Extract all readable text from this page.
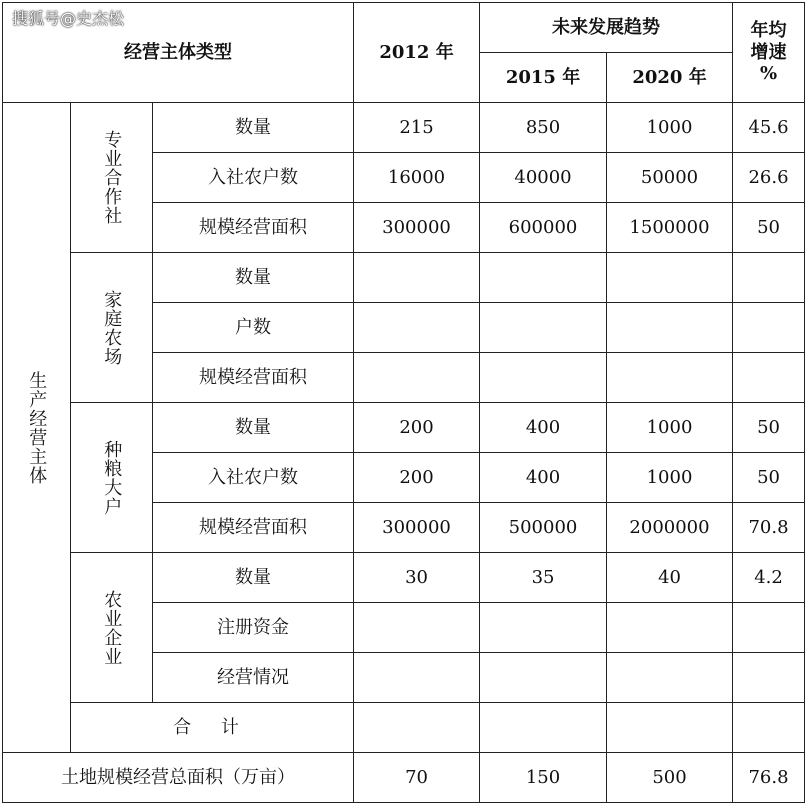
搜狐号@史杰松
经营主体类型			2012 年	未来发展趋势		年均
增速
%
				2015 年	2020 年	

生产经营主体	专业合作社	数量	215	850	1000	45.6
		入社农户数	16000	40000	50000	26.6
		规模经营面积	300000	600000	1500000	50

	家庭农场	数量				
		户数				
		规模经营面积				

	种粮大户	数量	200	400	1000	50
		入社农户数	200	400	1000	50
		规模经营面积	300000	500000	2000000	70.8

	农业企业	数量	30	35	40	4.2
		注册资金				
		经营情况				
	合 计					
土地规模经营总面积（万亩）			70	150	500	76.8
